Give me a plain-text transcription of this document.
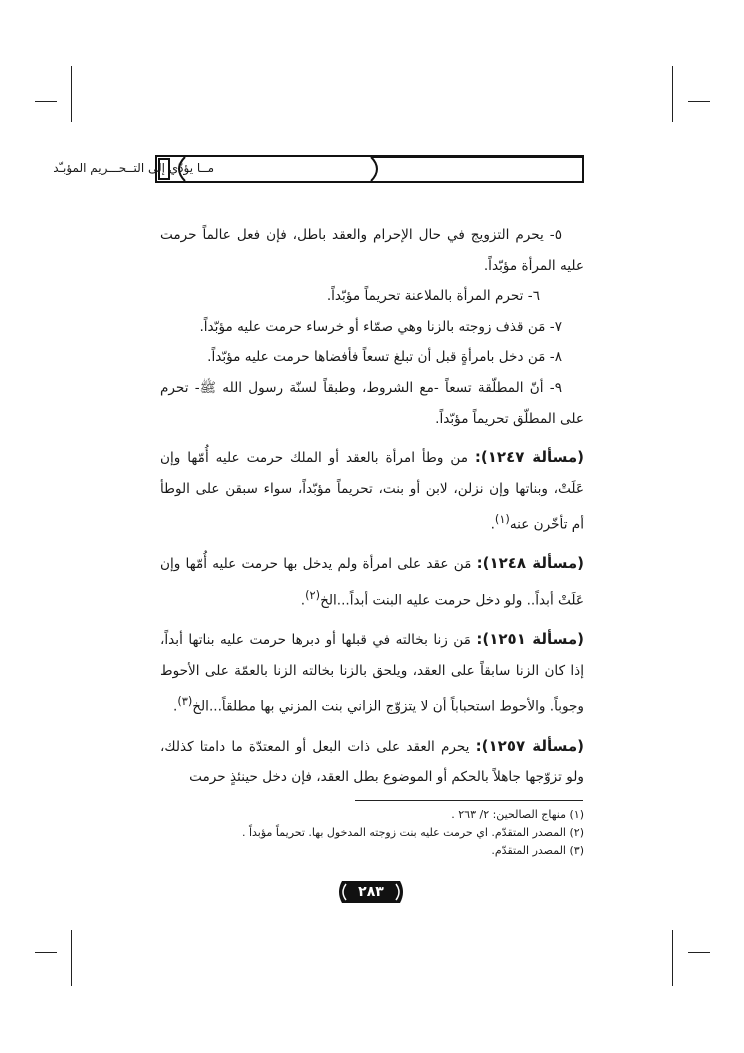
مــا يؤدّي إلى التــحـــريم المؤبـّد

٥- يحرم التزويج في حال الإحرام والعقد باطل، فإن فعل عالماً حرمت عليه المرأة مؤبّداً.

٦- تحرم المرأة بالملاعنة تحريماً مؤبّداً.

٧- مَن قذف زوجته بالزنا وهي صمّاء أو خرساء حرمت عليه مؤبّداً.

٨- مَن دخل بامرأةٍ قبل أن تبلغ تسعاً فأفضاها حرمت عليه مؤبّداً.

٩- أنّ المطلّقة تسعاً -مع الشروط، وطبقاً لسنّة رسول الله ﷺ- تحرم على المطلّق تحريماً مؤبّداً.

(مسألة ١٢٤٧): من وطأ امرأة بالعقد أو الملك حرمت عليه أُمّها وإن عَلَتْ، وبناتها وإن نزلن، لابن أو بنت، تحريماً مؤبّداً، سواء سبقن على الوطأ أم تأخّرن عنه$^{(١)}$.

(مسألة ١٢٤٨): مَن عقد على امرأة ولم يدخل بها حرمت عليه أُمّها وإن عَلَتْ أبداً.. ولو دخل حرمت عليه البنت أبداً...الخ$^{(٢)}$.

(مسألة ١٢٥١): مَن زنا بخالته في قبلها أو دبرها حرمت عليه بناتها أبداً، إذا كان الزنا سابقاً على العقد، ويلحق بالزنا بخالته الزنا بالعمّة على الأحوط وجوباً. والأحوط استحباباً أن لا يتزوّج الزاني بنت المزني بها مطلقاً...الخ$^{(٣)}$.

(مسألة ١٢٥٧): يحرم العقد على ذات البعل أو المعتدّة ما دامتا كذلك، ولو تزوّجها جاهلاً بالحكم أو الموضوع بطل العقد، فإن دخل حينئذٍ حرمت

(١) منهاج الصالحين: ٢/ ٢٦٣ .
(٢) المصدر المتقدّم. اي حرمت عليه بنت زوجته المدخول بها. تحريماً مؤبداً .
(٣) المصدر المتقدّم.
٢٨٣
